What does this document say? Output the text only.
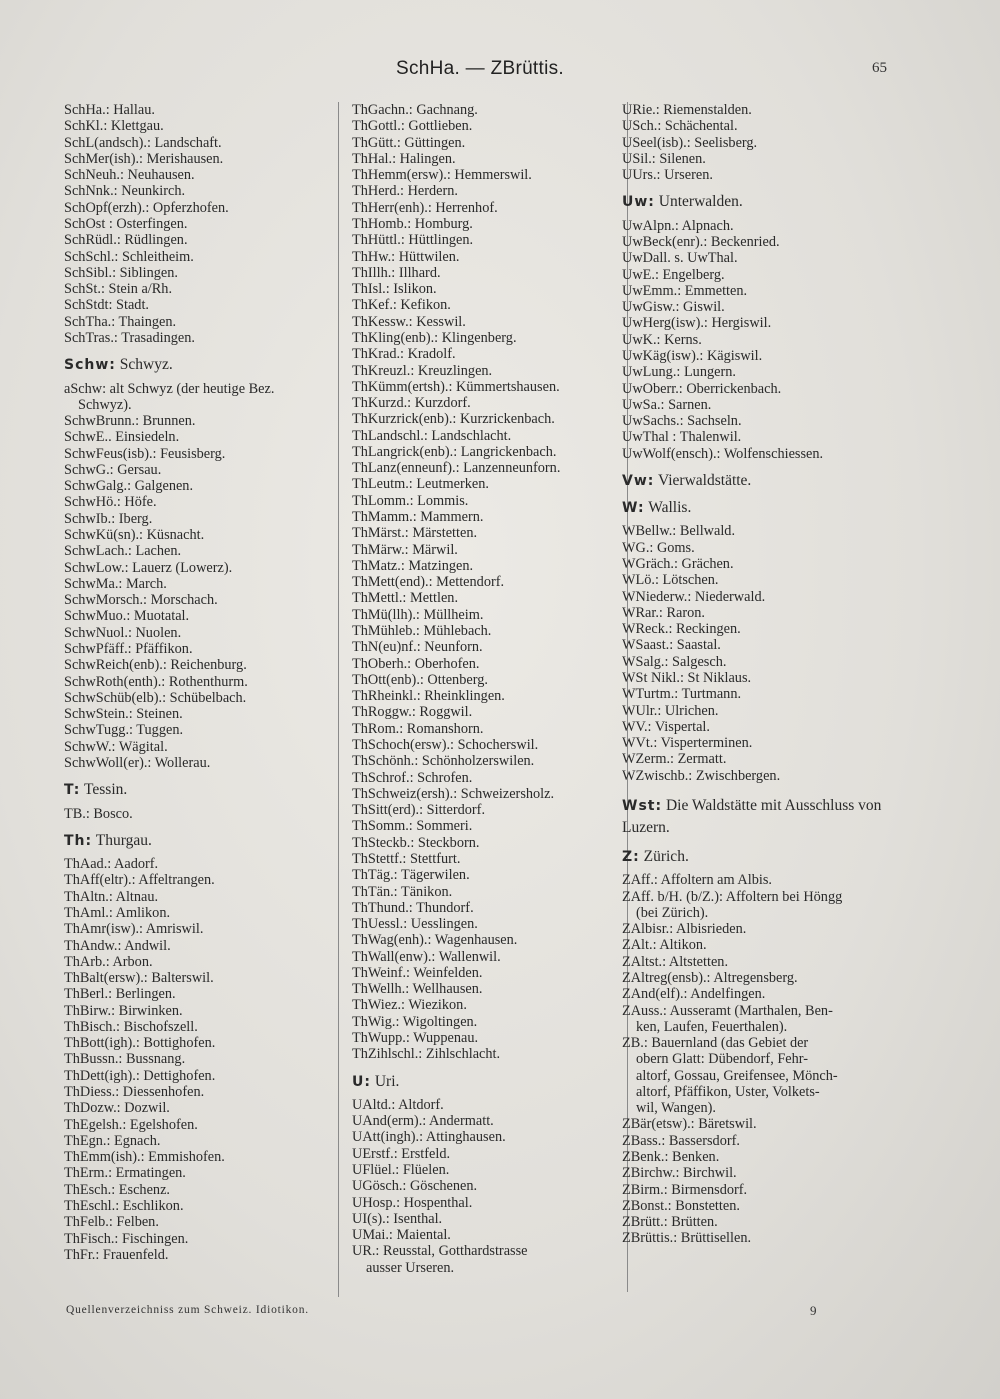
SchHa. — ZBrüttis.	65
SchHa.: Hallau.
SchKl.: Klettgau.
SchL(andsch).: Landschaft.
SchMer(ish).: Merishausen.
SchNeuh.: Neuhausen.
SchNnk.: Neunkirch.
SchOpf(erzh).: Opferzhofen.
SchOst : Osterfingen.
SchRüdl.: Rüdlingen.
SchSchl.: Schleitheim.
SchSibl.: Siblingen.
SchSt.: Stein a/Rh.
SchStdt: Stadt.
SchTha.: Thaingen.
SchTras.: Trasadingen.
Schw: Schwyz.
aSchw: alt Schwyz (der heutige Bez.
Schwyz).
SchwBrunn.: Brunnen.
SchwE.. Einsiedeln.
SchwFeus(isb).: Feusisberg.
SchwG.: Gersau.
SchwGalg.: Galgenen.
SchwHö.: Höfe.
SchwIb.: Iberg.
SchwKü(sn).: Küsnacht.
SchwLach.: Lachen.
SchwLow.: Lauerz (Lowerz).
SchwMa.: March.
SchwMorsch.: Morschach.
SchwMuo.: Muotatal.
SchwNuol.: Nuolen.
SchwPfäff.: Pfäffikon.
SchwReich(enb).: Reichenburg.
SchwRoth(enth).: Rothenthurm.
SchwSchüb(elb).: Schübelbach.
SchwStein.: Steinen.
SchwTugg.: Tuggen.
SchwW.: Wägital.
SchwWoll(er).: Wollerau.
T: Tessin.
TB.: Bosco.
Th: Thurgau.
ThAad.: Aadorf.
ThAff(eltr).: Affeltrangen.
ThAltn.: Altnau.
ThAml.: Amlikon.
ThAmr(isw).: Amriswil.
ThAndw.: Andwil.
ThArb.: Arbon.
ThBalt(ersw).: Balterswil.
ThBerl.: Berlingen.
ThBirw.: Birwinken.
ThBisch.: Bischofszell.
ThBott(igh).: Bottighofen.
ThBussn.: Bussnang.
ThDett(igh).: Dettighofen.
ThDiess.: Diessenhofen.
ThDozw.: Dozwil.
ThEgelsh.: Egelshofen.
ThEgn.: Egnach.
ThEmm(ish).: Emmishofen.
ThErm.: Ermatingen.
ThEsch.: Eschenz.
ThEschl.: Eschlikon.
ThFelb.: Felben.
ThFisch.: Fischingen.
ThFr.: Frauenfeld.
ThGachn.: Gachnang.
ThGottl.: Gottlieben.
ThGütt.: Güttingen.
ThHal.: Halingen.
ThHemm(ersw).: Hemmerswil.
ThHerd.: Herdern.
ThHerr(enh).: Herrenhof.
ThHomb.: Homburg.
ThHüttl.: Hüttlingen.
ThHw.: Hüttwilen.
ThIllh.: Illhard.
ThIsl.: Islikon.
ThKef.: Kefikon.
ThKessw.: Kesswil.
ThKling(enb).: Klingenberg.
ThKrad.: Kradolf.
ThKreuzl.: Kreuzlingen.
ThKümm(ertsh).: Kümmertshausen.
ThKurzd.: Kurzdorf.
ThKurzrick(enb).: Kurzrickenbach.
ThLandschl.: Landschlacht.
ThLangrick(enb).: Langrickenbach.
ThLanz(enneunf).: Lanzenneunforn.
ThLeutm.: Leutmerken.
ThLomm.: Lommis.
ThMamm.: Mammern.
ThMärst.: Märstetten.
ThMärw.: Märwil.
ThMatz.: Matzingen.
ThMett(end).: Mettendorf.
ThMettl.: Mettlen.
ThMü(llh).: Müllheim.
ThMühleb.: Mühlebach.
ThN(eu)nf.: Neunforn.
ThOberh.: Oberhofen.
ThOtt(enb).: Ottenberg.
ThRheinkl.: Rheinklingen.
ThRoggw.: Roggwil.
ThRom.: Romanshorn.
ThSchoch(ersw).: Schocherswil.
ThSchönh.: Schönholzerswilen.
ThSchrof.: Schrofen.
ThSchweiz(ersh).: Schweizersholz.
ThSitt(erd).: Sitterdorf.
ThSomm.: Sommeri.
ThSteckb.: Steckborn.
ThStettf.: Stettfurt.
ThTäg.: Tägerwilen.
ThTän.: Tänikon.
ThThund.: Thundorf.
ThUessl.: Uesslingen.
ThWag(enh).: Wagenhausen.
ThWall(enw).: Wallenwil.
ThWeinf.: Weinfelden.
ThWellh.: Wellhausen.
ThWiez.: Wiezikon.
ThWig.: Wigoltingen.
ThWupp.: Wuppenau.
ThZihlschl.: Zihlschlacht.
U: Uri.
UAltd.: Altdorf.
UAnd(erm).: Andermatt.
UAtt(ingh).: Attinghausen.
UErstf.: Erstfeld.
UFlüel.: Flüelen.
UGösch.: Göschenen.
UHosp.: Hospenthal.
UI(s).: Isenthal.
UMai.: Maiental.
UR.: Reusstal, Gotthardstrasse
ausser Urseren.
URie.: Riemenstalden.
USch.: Schächental.
USeel(isb).: Seelisberg.
USil.: Silenen.
UUrs.: Urseren.
Uw: Unterwalden.
UwAlpn.: Alpnach.
UwBeck(enr).: Beckenried.
UwDall. s. UwThal.
UwE.: Engelberg.
UwEmm.: Emmetten.
UwGisw.: Giswil.
UwHerg(isw).: Hergiswil.
UwK.: Kerns.
UwKäg(isw).: Kägiswil.
UwLung.: Lungern.
UwOberr.: Oberrickenbach.
UwSa.: Sarnen.
UwSachs.: Sachseln.
UwThal : Thalenwil.
UwWolf(ensch).: Wolfenschiessen.
Vw: Vierwaldstätte.
W: Wallis.
WBellw.: Bellwald.
WG.: Goms.
WGräch.: Grächen.
WLö.: Lötschen.
WNiederw.: Niederwald.
WRar.: Raron.
WReck.: Reckingen.
WSaast.: Saastal.
WSalg.: Salgesch.
WSt Nikl.: St Niklaus.
WTurtm.: Turtmann.
WUlr.: Ulrichen.
WV.: Vispertal.
WVt.: Visperterminen.
WZerm.: Zermatt.
WZwischb.: Zwischbergen.
Wst: Die Waldstätte mit Ausschluss von Luzern.
Z: Zürich.
ZAff.: Affoltern am Albis.
ZAff. b/H. (b/Z.): Affoltern bei Höngg
(bei Zürich).
ZAlbisr.: Albisrieden.
ZAlt.: Altikon.
ZAltst.: Altstetten.
ZAltreg(ensb).: Altregensberg.
ZAnd(elf).: Andelfingen.
ZAuss.: Ausseramt (Marthalen, Ben-
ken, Laufen, Feuerthalen).
ZB.: Bauernland (das Gebiet der
obern Glatt: Dübendorf, Fehr-
altorf, Gossau, Greifensee, Mönch-
altorf, Pfäffikon, Uster, Volkets-
wil, Wangen).
ZBär(etsw).: Bäretswil.
ZBass.: Bassersdorf.
ZBenk.: Benken.
ZBirchw.: Birchwil.
ZBirm.: Birmensdorf.
ZBonst.: Bonstetten.
ZBrütt.: Brütten.
ZBrüttis.: Brüttisellen.
Quellenverzeichniss zum Schweiz. Idiotikon.	9
